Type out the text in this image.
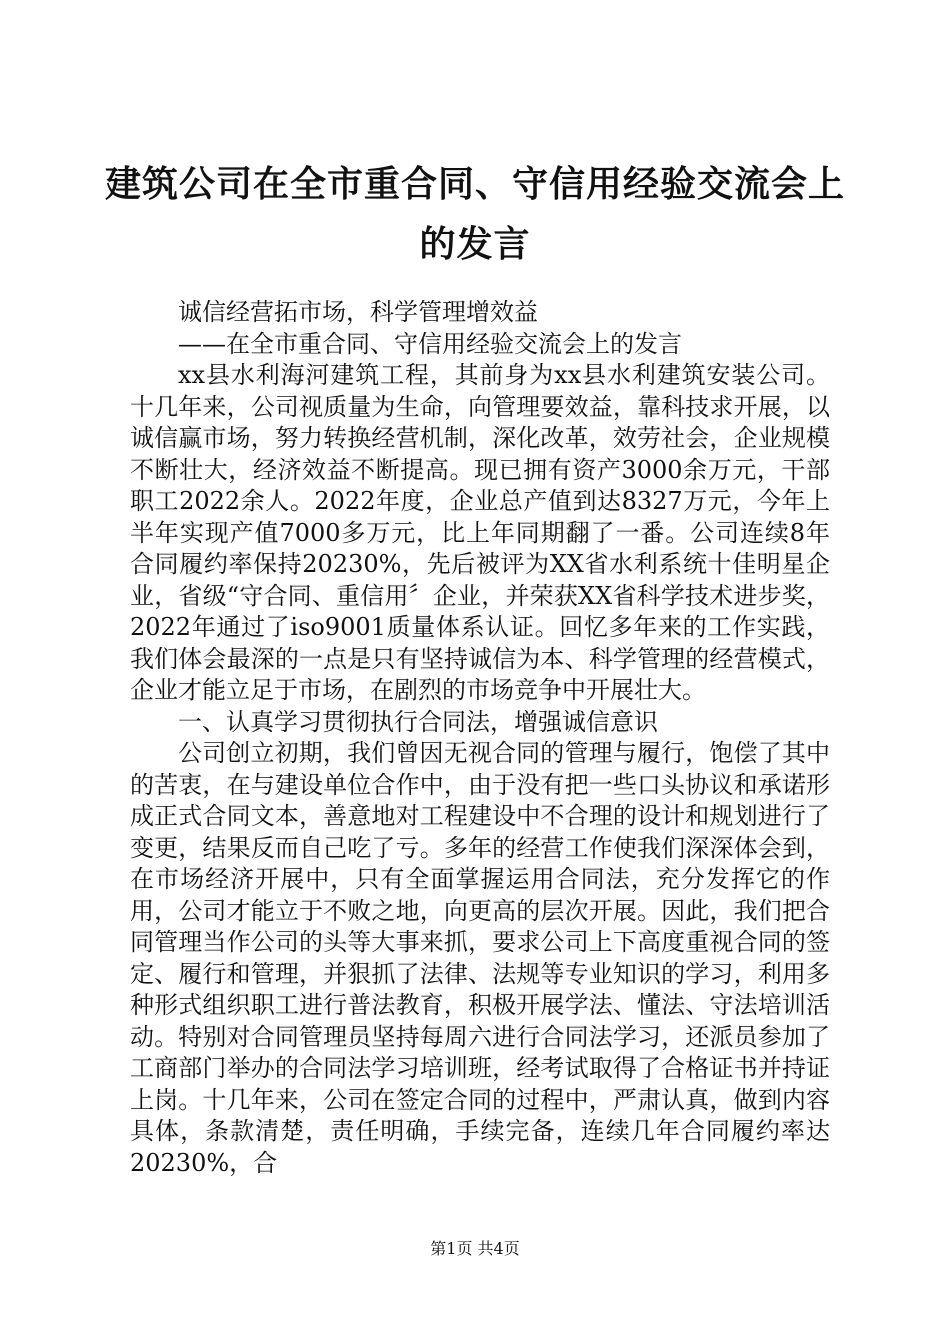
建筑公司在全市重合同、守信用经验交流会上
的发言

诚信经营拓市场，科学管理增效益

——在全市重合同、守信用经验交流会上的发言

xx县水利海河建筑工程，其前身为xx县水利建筑安装公司。十几年来，公司视质量为生命，向管理要效益，靠科技求开展，以诚信赢市场，努力转换经营机制，深化改革，效劳社会，企业规模不断壮大，经济效益不断提高。现已拥有资产3000余万元，干部职工2022余人。2022年度，企业总产值到达8327万元，今年上半年实现产值7000多万元，比上年同期翻了一番。公司连续8年合同履约率保持20230%，先后被评为XX省水利系统十佳明星企业，省级“守合同、重信用〞企业，并荣获XX省科学技术进步奖，2022年通过了iso9001质量体系认证。回忆多年来的工作实践，我们体会最深的一点是只有坚持诚信为本、科学管理的经营模式，企业才能立足于市场，在剧烈的市场竞争中开展壮大。

一、认真学习贯彻执行合同法，增强诚信意识

公司创立初期，我们曾因无视合同的管理与履行，饱偿了其中的苦衷，在与建设单位合作中，由于没有把一些口头协议和承诺形成正式合同文本，善意地对工程建设中不合理的设计和规划进行了变更，结果反而自己吃了亏。多年的经营工作使我们深深体会到，在市场经济开展中，只有全面掌握运用合同法，充分发挥它的作用，公司才能立于不败之地，向更高的层次开展。因此，我们把合同管理当作公司的头等大事来抓，要求公司上下高度重视合同的签定、履行和管理，并狠抓了法律、法规等专业知识的学习，利用多种形式组织职工进行普法教育，积极开展学法、懂法、守法培训活动。特别对合同管理员坚持每周六进行合同法学习，还派员参加了工商部门举办的合同法学习培训班，经考试取得了合格证书并持证上岗。十几年来，公司在签定合同的过程中，严肃认真，做到内容具体，条款清楚，责任明确，手续完备，连续几年合同履约率达20230%，合

第1页 共4页
